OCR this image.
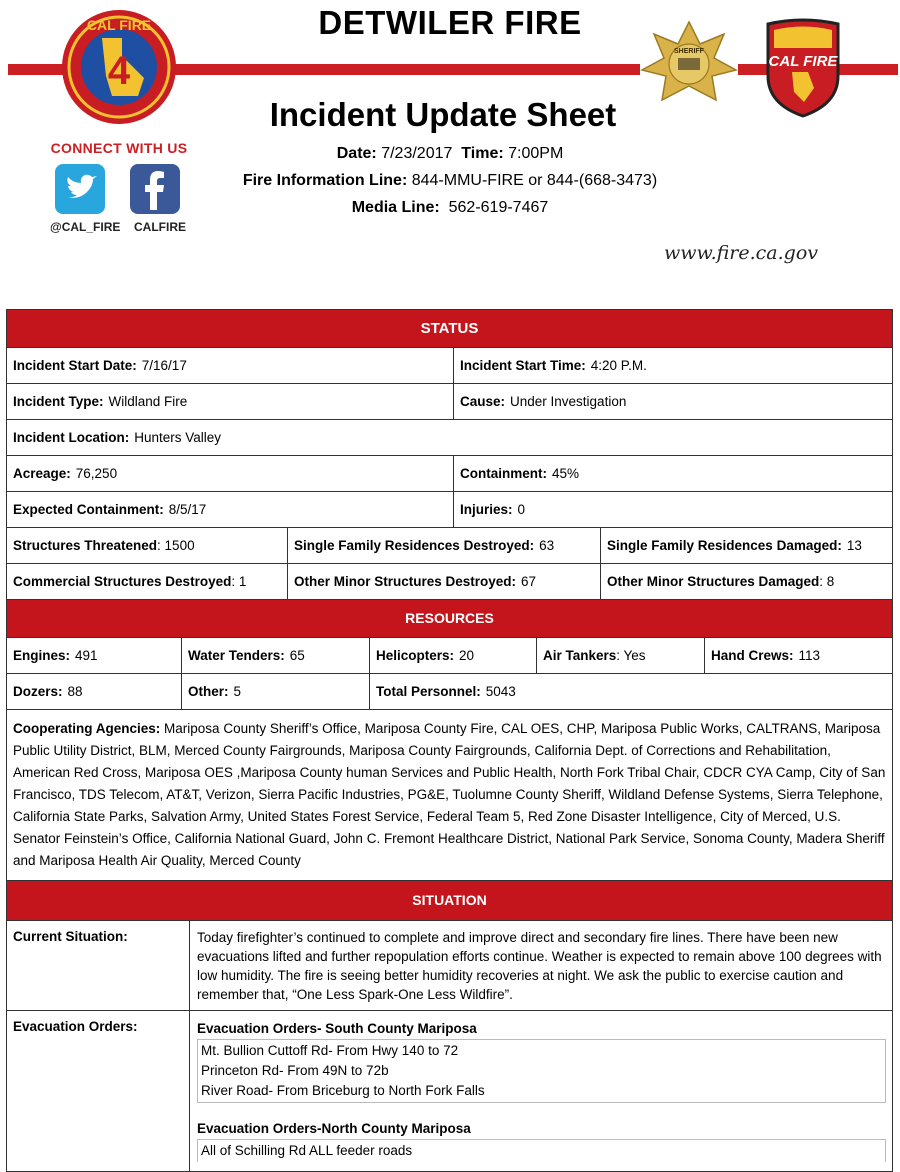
DETWILER FIRE
Incident Update Sheet
Date: 7/23/2017 Time: 7:00PM
Fire Information Line: 844-MMU-FIRE or 844-(668-3473)
Media Line: 562-619-7467
www.fire.ca.gov
CAL FIRE
4	SHERIFF
CAL FIRE
CONNECT WITH US
@CAL_FIRE CALFIRE
STATUS
Incident Start Date: 7/16/17	Incident Start Time: 4:20 P.M.
Incident Type: Wildland Fire	Cause: Under Investigation
Incident Location: Hunters Valley
Acreage: 76,250	Containment: 45%
Expected Containment: 8/5/17	Injuries: 0
Structures Threatened : 1500	Single Family Residences Destroyed: 63	Single Family Residences Damaged: 13
Commercial Structures Destroyed : 1	Other Minor Structures Destroyed: 67	Other Minor Structures Damaged : 8
RESOURCES
Engines: 491	Water Tenders: 65	Helicopters: 20	Air Tankers : Yes	Hand Crews: 113
Dozers: 88	Other: 5	Total Personnel: 5043
Cooperating Agencies: Mariposa County Sheriff’s Office, Mariposa County Fire, CAL OES, CHP, Mariposa Public Works, CALTRANS, Mariposa Public Utility District, BLM, Merced County Fairgrounds, Mariposa County Fairgrounds, California Dept. of Corrections and Rehabilitation, American Red Cross, Mariposa OES ,Mariposa County human Services and Public Health, North Fork Tribal Chair, CDCR CYA Camp, City of San Francisco, TDS Telecom, AT&T, Verizon, Sierra Pacific Industries, PG&E, Tuolumne County Sheriff, Wildland Defense Systems, Sierra Telephone, California State Parks, Salvation Army, United States Forest Service, Federal Team 5, Red Zone Disaster Intelligence, City of Merced, U.S. Senator Feinstein’s Office, California National Guard, John C. Fremont Healthcare District, National Park Service, Sonoma County, Madera Sheriff and Mariposa Health Air Quality, Merced County
SITUATION
Current Situation:	Today firefighter’s continued to complete and improve direct and secondary fire lines. There have been new evacuations lifted and further repopulation efforts continue. Weather is expected to remain above 100 degrees with low humidity. The fire is seeing better humidity recoveries at night. We ask the public to exercise caution and remember that, “One Less Spark-One Less Wildfire”.
Evacuation Orders:	Evacuation Orders- South County Mariposa
Mt. Bullion Cuttoff Rd- From Hwy 140 to 72
Princeton Rd- From 49N to 72b
River Road- From Briceburg to North Fork Falls
Evacuation Orders-North County Mariposa
All of Schilling Rd ALL feeder roads
